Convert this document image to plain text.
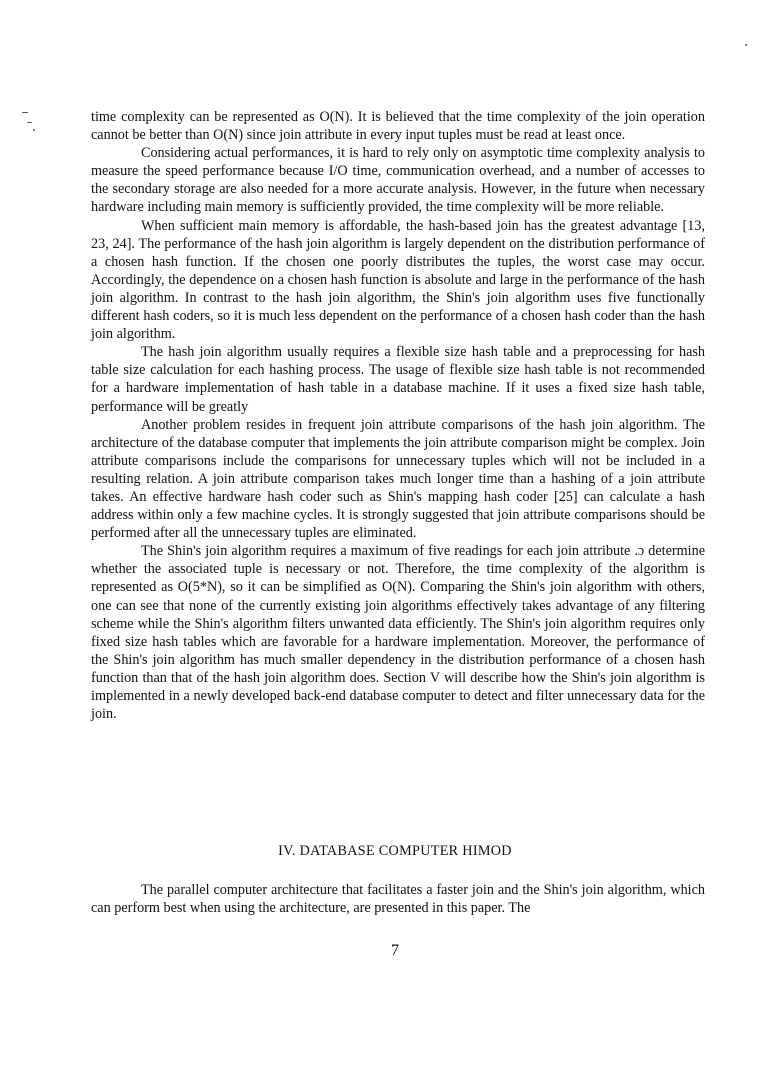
time complexity can be represented as O(N). It is believed that the time complexity of the join operation cannot be better than O(N) since join attribute in every input tuples must be read at least once.

Considering actual performances, it is hard to rely only on asymptotic time complexity analysis to measure the speed performance because I/O time, communication overhead, and a number of accesses to the secondary storage are also needed for a more accurate analysis. However, in the future when necessary hardware including main memory is sufficiently provided, the time complexity will be more reliable.

When sufficient main memory is affordable, the hash-based join has the greatest advantage [13, 23, 24]. The performance of the hash join algorithm is largely dependent on the distribution performance of a chosen hash function. If the chosen one poorly distributes the tuples, the worst case may occur. Accordingly, the dependence on a chosen hash function is absolute and large in the performance of the hash join algorithm. In contrast to the hash join algorithm, the Shin's join algorithm uses five functionally different hash coders, so it is much less dependent on the performance of a chosen hash coder than the hash join algorithm.

The hash join algorithm usually requires a flexible size hash table and a preprocessing for hash table size calculation for each hashing process. The usage of flexible size hash table is not recommended for a hardware implementation of hash table in a database machine. If it uses a fixed size hash table, performance will be greatly

Another problem resides in frequent join attribute comparisons of the hash join algorithm. The architecture of the database computer that implements the join attribute comparison might be complex. Join attribute comparisons include the comparisons for unnecessary tuples which will not be included in a resulting relation. A join attribute comparison takes much longer time than a hashing of a join attribute takes. An effective hardware hash coder such as Shin's mapping hash coder [25] can calculate a hash address within only a few machine cycles. It is strongly suggested that join attribute comparisons should be performed after all the unnecessary tuples are eliminated.

The Shin's join algorithm requires a maximum of five readings for each join attribute .ɔ determine whether the associated tuple is necessary or not. Therefore, the time complexity of the algorithm is represented as O(5*N), so it can be simplified as O(N). Comparing the Shin's join algorithm with others, one can see that none of the currently existing join algorithms effectively takes advantage of any filtering scheme while the Shin's algorithm filters unwanted data efficiently. The Shin's join algorithm requires only fixed size hash tables which are favorable for a hardware implementation. Moreover, the performance of the Shin's join algorithm has much smaller dependency in the distribution performance of a chosen hash function than that of the hash join algorithm does. Section V will describe how the Shin's join algorithm is implemented in a newly developed back-end database computer to detect and filter unnecessary data for the join.

IV. DATABASE COMPUTER HIMOD

The parallel computer architecture that facilitates a faster join and the Shin's join algorithm, which can perform best when using the architecture, are presented in this paper. The

7
